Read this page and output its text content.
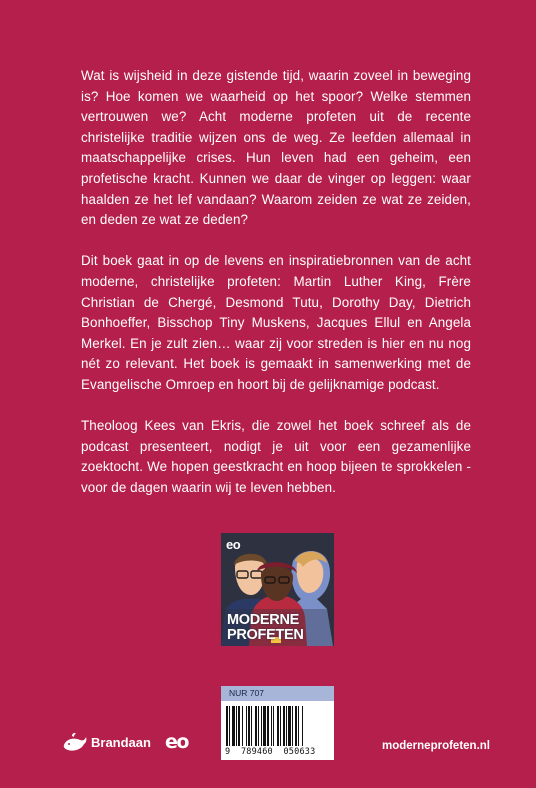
Wat is wijsheid in deze gistende tijd, waarin zoveel in beweging is? Hoe komen we waarheid op het spoor? Welke stemmen vertrouwen we? Acht moderne profeten uit de recente christelijke traditie wijzen ons de weg. Ze leefden allemaal in maatschappelijke crises. Hun leven had een geheim, een profetische kracht. Kunnen we daar de vinger op leggen: waar haalden ze het lef vandaan? Waarom zeiden ze wat ze zeiden, en deden ze wat ze deden?

Dit boek gaat in op de levens en inspiratiebronnen van de acht moderne, christelijke profeten: Martin Luther King, Frère Christian de Chergé, Desmond Tutu, Dorothy Day, Dietrich Bonhoeffer, Bisschop Tiny Muskens, Jacques Ellul en Angela Merkel. En je zult zien… waar zij voor streden is hier en nu nog nét zo relevant. Het boek is gemaakt in samenwerking met de Evangelische Omroep en hoort bij de gelijknamige podcast.

Theoloog Kees van Ekris, die zowel het boek schreef als de podcast presenteert, nodigt je uit voor een gezamenlijke zoektocht. We hopen geestkracht en hoop bijeen te sprokkelen - voor de dagen waarin wij te leven hebben.

eo
MODERNE
PROFETEN
NUR 707
9  789460  050633
Brandaan eo	moderneprofeten.nl
